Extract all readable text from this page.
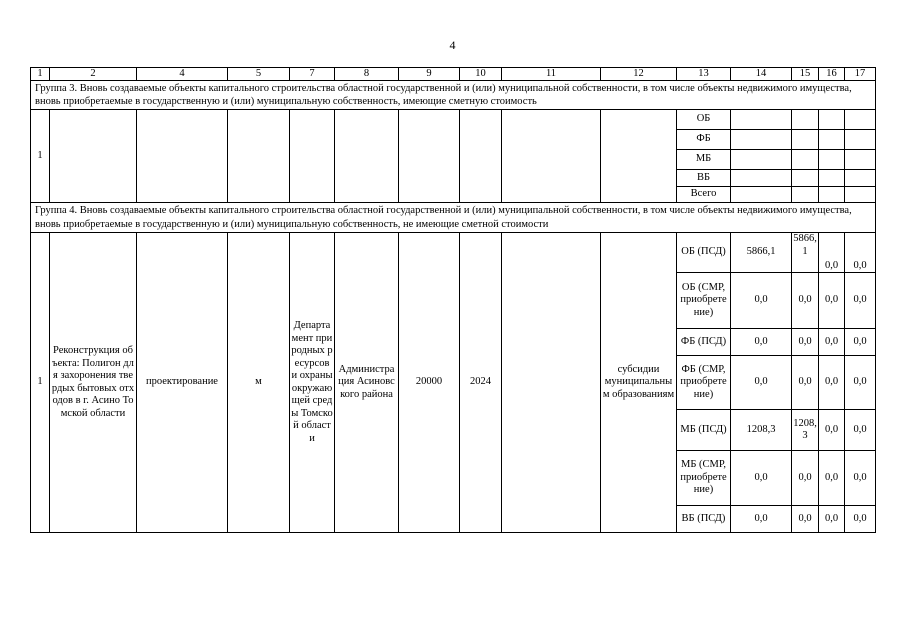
4
1	2	4	5	7	8	9	10	11	12	13	14	15	16	17
Группа 3. Вновь создаваемые объекты капитального строительства областной государственной и (или) муниципальной собственности, в том числе объекты недвижимого имущества, вновь приобретаемые в государственную и (или) муниципальную собственность, имеющие сметную стоимость														
1										ОБ				
										ФБ				
										МБ				
										ВБ				
										Всего				
Группа 4. Вновь создаваемые объекты капитального строительства областной государственной и (или) муниципальной собственности, в том числе объекты недвижимого имущества, вновь приобретаемые в государственную и (или) муниципальную собственность, не имеющие сметной стоимости														
1	Реконструкция объекта: Полигон для захоронения твердых бытовых отходов в г. Асино Томской области	проектирование	м	Департамент природных ресурсов и охраны окружающей среды Томской области	Администрация Асиновского района	20000	2024		субсидии муниципальным образованиям	ОБ (ПСД)	5866,1	5866,1	0,0	0,0
										ОБ (СМР, приобретение)	0,0	0,0	0,0	0,0
										ФБ (ПСД)	0,0	0,0	0,0	0,0
										ФБ (СМР, приобретение)	0,0	0,0	0,0	0,0
										МБ (ПСД)	1208,3	1208,3	0,0	0,0
										МБ (СМР, приобретение)	0,0	0,0	0,0	0,0
										ВБ (ПСД)	0,0	0,0	0,0	0,0
